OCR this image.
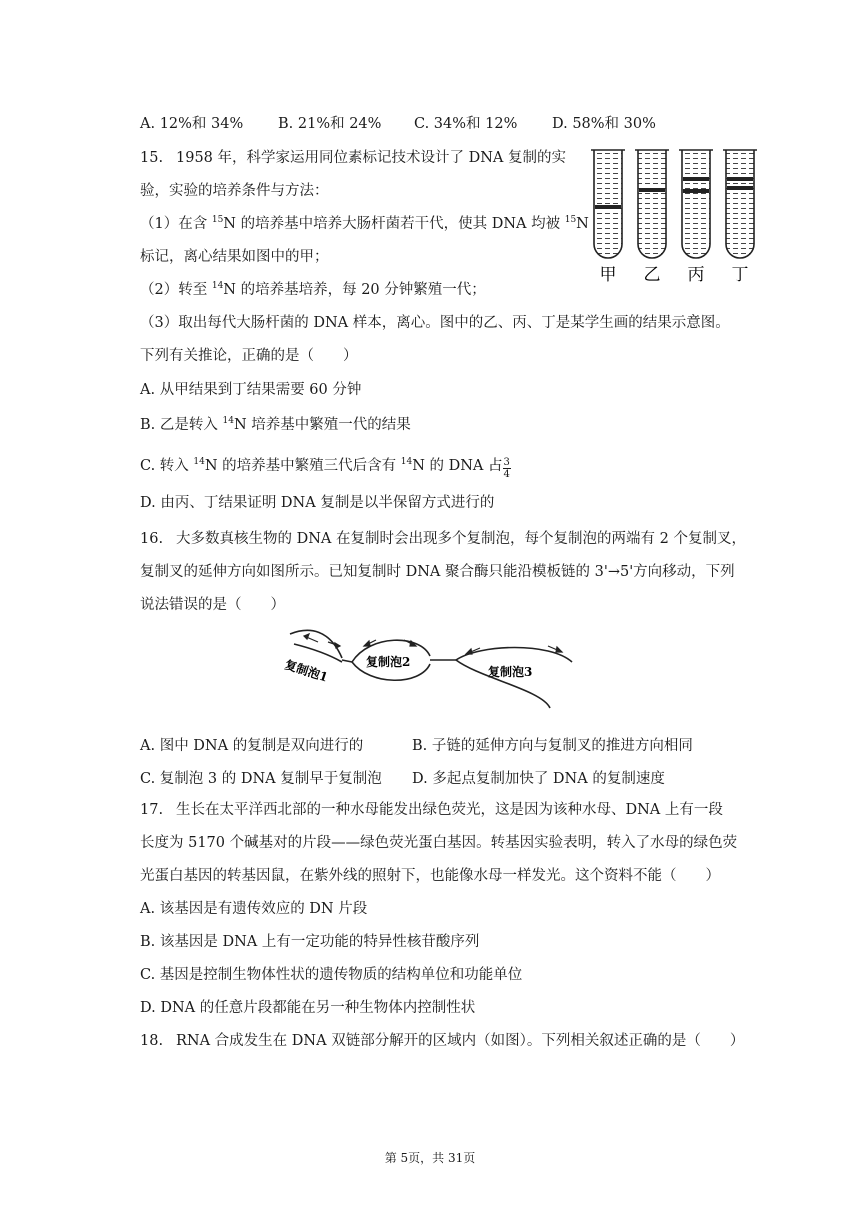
A. 12%和 34% B. 21%和 24% C. 34%和 12% D. 58%和 30%
15. 1958 年，科学家运用同位素标记技术设计了 DNA 复制的实
验，实验的培养条件与方法：
（1）在含 $^{15}$N 的培养基中培养大肠杆菌若干代，使其 DNA 均被 $^{15}$N
标记，离心结果如图中的甲；
（2）转至 $^{14}$N 的培养基培养，每 20 分钟繁殖一代；
（3）取出每代大肠杆菌的 DNA 样本，离心。图中的乙、丙、丁是某学生画的结果示意图。
下列有关推论，正确的是（　　）
A. 从甲结果到丁结果需要 60 分钟
B. 乙是转入 $^{14}$N 培养基中繁殖一代的结果
C. 转入 $^{14}$N 的培养基中繁殖三代后含有 $^{14}$N 的 DNA 占 $\frac{3}{4}$
D. 由丙、丁结果证明 DNA 复制是以半保留方式进行的
甲 乙 丙 丁
16. 大多数真核生物的 DNA 在复制时会出现多个复制泡，每个复制泡的两端有 2 个复制叉，
复制叉的延伸方向如图所示。已知复制时 DNA 聚合酶只能沿模板链的 3'→5'方向移动，下列
说法错误的是（　　）
复制泡1	复制泡2
复制泡3
A. 图中 DNA 的复制是双向进行的	B. 子链的延伸方向与复制叉的推进方向相同
C. 复制泡 3 的 DNA 复制早于复制泡 D. 多起点复制加快了 DNA 的复制速度
17. 生长在太平洋西北部的一种水母能发出绿色荧光，这是因为该种水母、DNA 上有一段
长度为 5170 个碱基对的片段——绿色荧光蛋白基因。转基因实验表明，转入了水母的绿色荧
光蛋白基因的转基因鼠，在紫外线的照射下，也能像水母一样发光。这个资料不能（　　）
A. 该基因是有遗传效应的 DN 片段
B. 该基因是 DNA 上有一定功能的特异性核苷酸序列
C. 基因是控制生物体性状的遗传物质的结构单位和功能单位
D. DNA 的任意片段都能在另一种生物体内控制性状
18. RNA 合成发生在 DNA 双链部分解开的区域内（如图）。下列相关叙述正确的是（　　）
第 5页，共 31页
